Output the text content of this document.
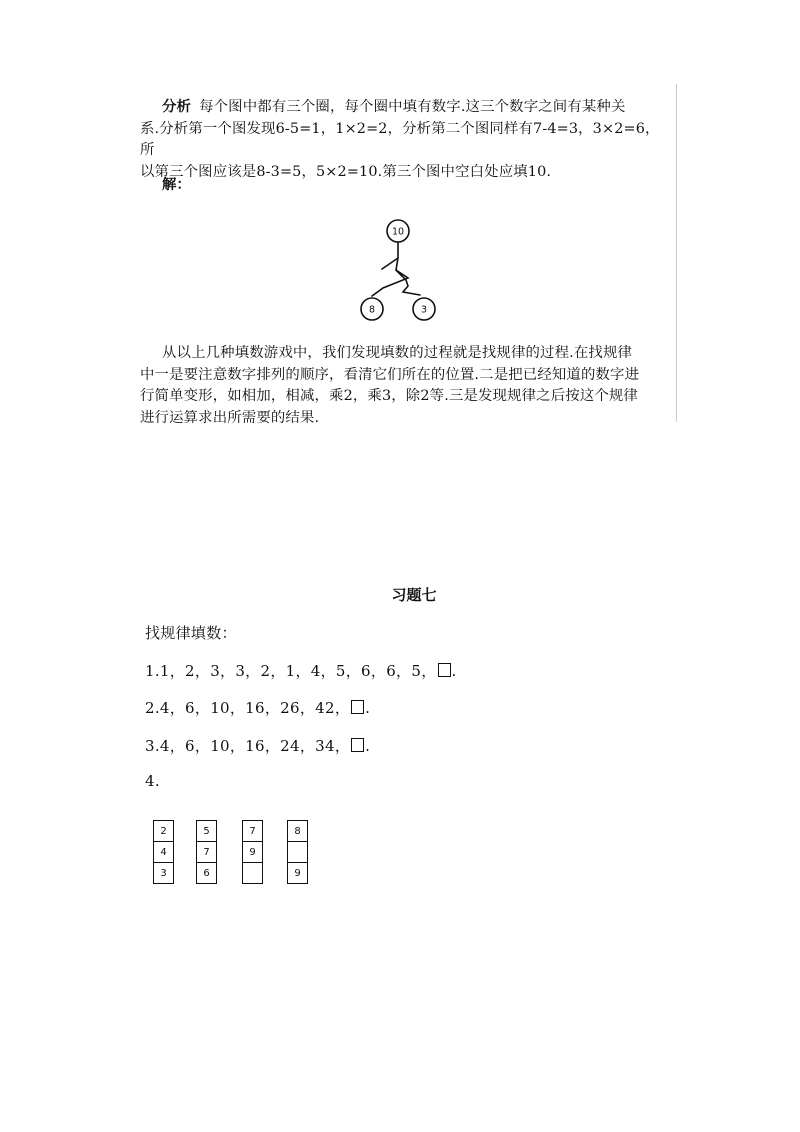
分析 每个图中都有三个圈，每个圈中填有数字.这三个数字之间有某种关
系.分析第一个图发现6-5=1，1×2=2，分析第二个图同样有7-4=3，3×2=6，所
以第三个图应该是8-3=5，5×2=10.第三个图中空白处应填10.

解：
10
8	3

从以上几种填数游戏中，我们发现填数的过程就是找规律的过程.在找规律
中一是要注意数字排列的顺序，看清它们所在的位置.二是把已经知道的数字进
行简单变形，如相加，相减，乘2，乘3，除2等.三是发现规律之后按这个规律
进行运算求出所需要的结果.

习题七
找规律填数：
1.1，2，3，3，2，1，4，5，6，6，5， .
2.4，6，10，16，26，42， .
3.4，6，10，16，24，34， .
4.
2
4
3
5
7
6
7
9
8
9
